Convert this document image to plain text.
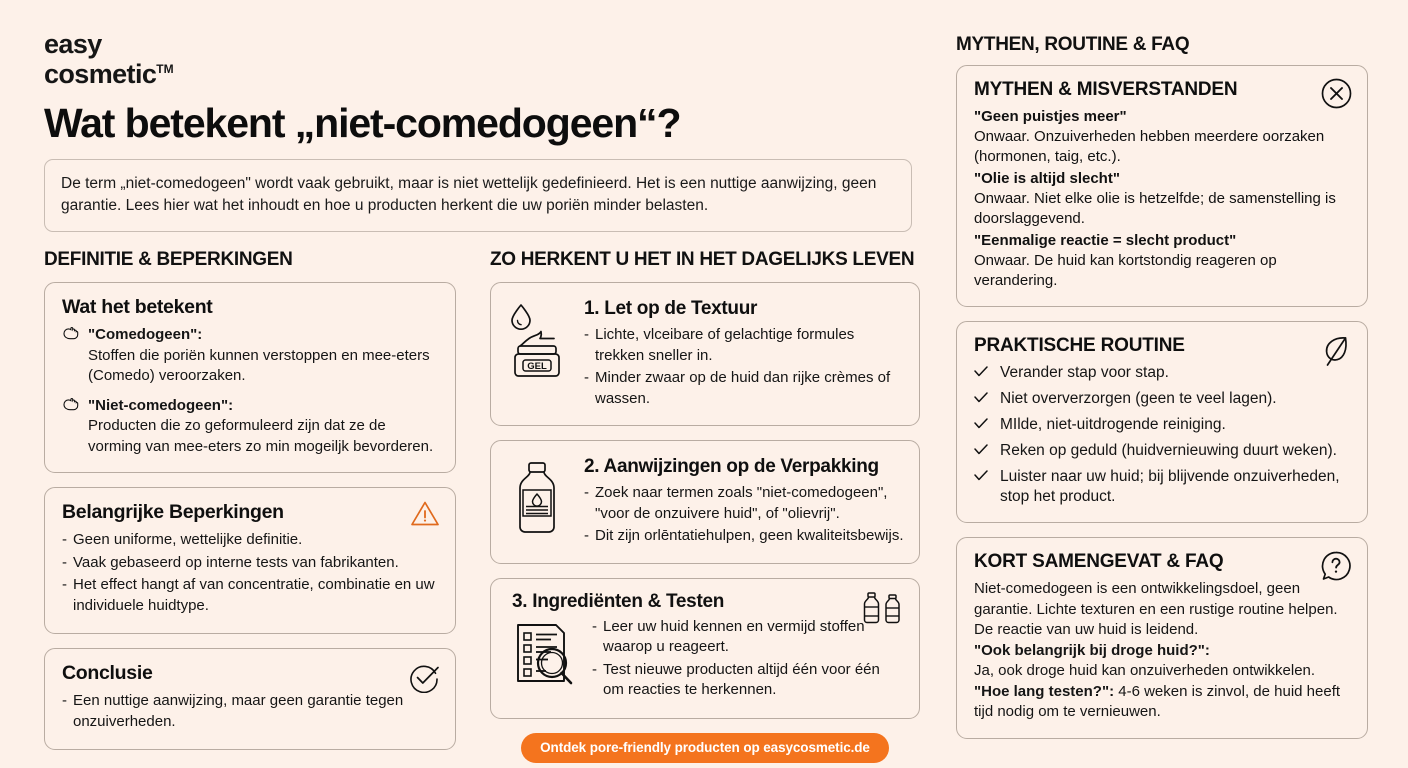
easy
cosmetic™
Wat betekent „niet-comedogeen“?
De term „niet-comedogeen" wordt vaak gebruikt, maar is niet wettelijk gedefinieerd. Het is een nuttige aanwijzing, geen garantie. Lees hier wat het inhoudt en hoe u producten herkent die uw poriën minder belasten.
DEFINITIE & BEPERKINGEN
Wat het betekent
"Comedogeen":
Stoffen die poriën kunnen verstoppen en mee-eters (Comedo) veroorzaken.
"Niet-comedogeen":
Producten die zo geformuleerd zijn dat ze de vorming van mee-eters zo min mogeiljk bevorderen.
Belangrijke Beperkingen
- Geen uniforme, wettelijke definitie.
- Vaak gebaseerd op interne tests van fabrikanten.
- Het effect hangt af van concentratie, combinatie en uw individuele huidtype.
Conclusie
- Een nuttige aanwijzing, maar geen garantie tegen onzuiverheden.
ZO HERKENT U HET IN HET DAGELIJKS LEVEN
GEL
1. Let op de Textuur
- Lichte, vlceibare of gelachtige formules trekken sneller in.
- Minder zwaar op de huid dan rijke crèmes of wassen.
2. Aanwijzingen op de Verpakking
- Zoek naar termen zoals "niet-comedogeen", "voor de onzuivere huid", of "olievrij".
- Dit zijn orlēntatiehulpen, geen kwaliteitsbewijs.
3. Ingrediënten & Testen
- Leer uw huid kennen en vermijd stoffen waarop u reageert.
- Test nieuwe producten altijd één voor één om reacties te herkennen.
Ontdek pore-friendly producten op easycosmetic.de
MYTHEN, ROUTINE & FAQ
MYTHEN & MISVERSTANDEN
"Geen puistjes meer"
Onwaar. Onzuiverheden hebben meerdere oorzaken (hormonen, taig, etc.).
"Olie is altijd slecht"
Onwaar. Niet elke olie is hetzelfde; de samenstelling is doorslaggevend.
"Eenmalige reactie = slecht product"
Onwaar. De huid kan kortstondig reageren op verandering.
PRAKTISCHE ROUTINE
Verander stap voor stap.
Niet oververzorgen (geen te veel lagen).
MIlde, niet-uitdrogende reiniging.
Reken op geduld (huidvernieuwing duurt weken).
Luister naar uw huid; bij blijvende onzuiverheden, stop het product.
KORT SAMENGEVAT & FAQ

Niet-comedogeen is een ontwikkelingsdoel, geen garantie. Lichte texturen en een rustige routine helpen. De reactie van uw huid is leidend.

"Ook belangrijk bij droge huid?":
Ja, ook droge huid kan onzuiverheden ontwikkelen.

"Hoe lang testen?": 4-6 weken is zinvol, de huid heeft tijd nodig om te vernieuwen.
